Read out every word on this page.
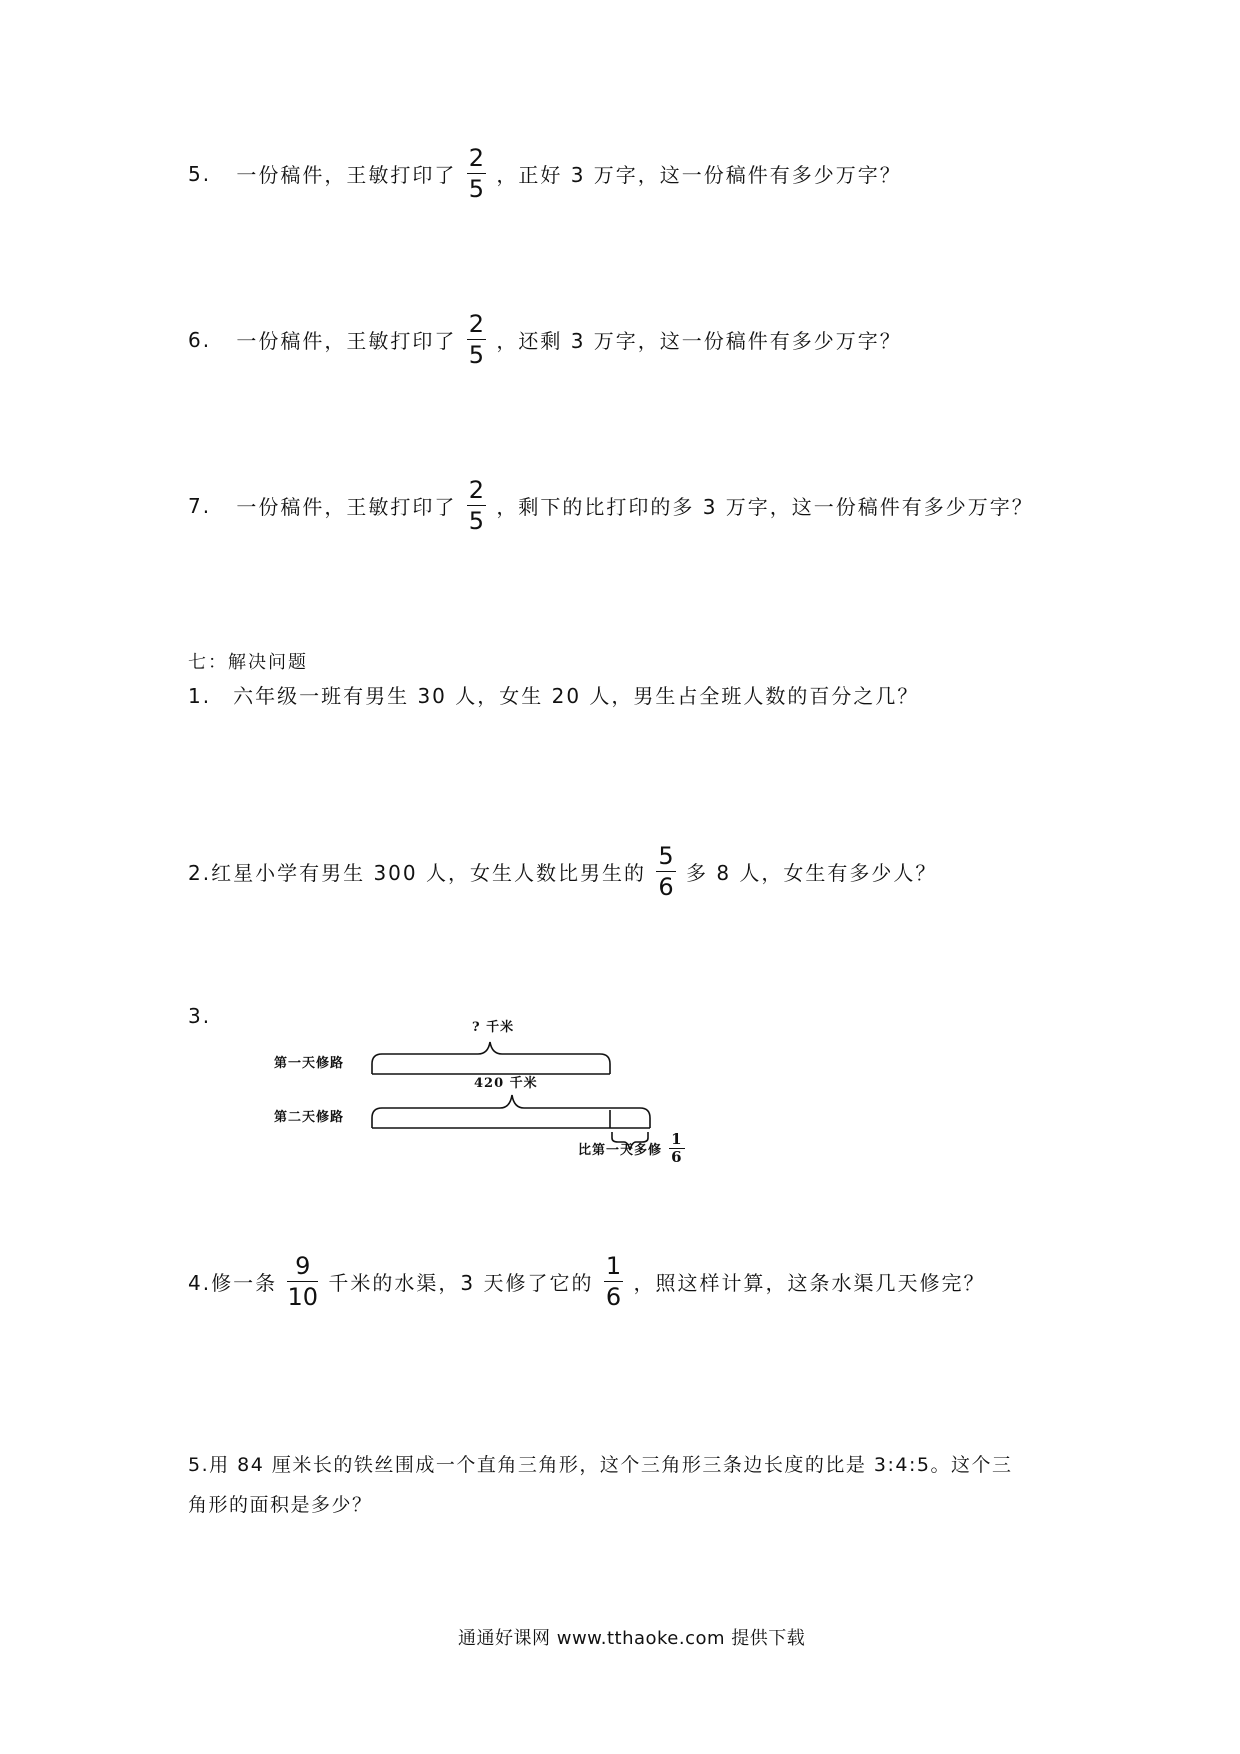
5. 一份稿件，王敏打印了 $\frac{2}{5}$ ，正好 3 万字，这一份稿件有多少万字？
6. 一份稿件，王敏打印了 $\frac{2}{5}$ ，还剩 3 万字，这一份稿件有多少万字？
7. 一份稿件，王敏打印了 $\frac{2}{5}$ ，剩下的比打印的多 3 万字，这一份稿件有多少万字？
七：解决问题
1.　六年级一班有男生 30 人，女生 20 人，男生占全班人数的百分之几？
2.红星小学有男生 300 人，女生人数比男生的 $\frac{5}{6}$ 多 8 人，女生有多少人？
3.	? 千米
第一天修路
420 千米
第二天修路
比第一天多修 $\frac{1}{6}$
4.修一条 $\frac{9}{10}$ 千米的水渠，3 天修了它的 $\frac{1}{6}$ ，照这样计算，这条水渠几天修完？
5.用 84 厘米长的铁丝围成一个直角三角形，这个三角形三条边长度的比是 3:4:5。这个三
角形的面积是多少？
通通好课网 www.tthaoke.com 提供下载
